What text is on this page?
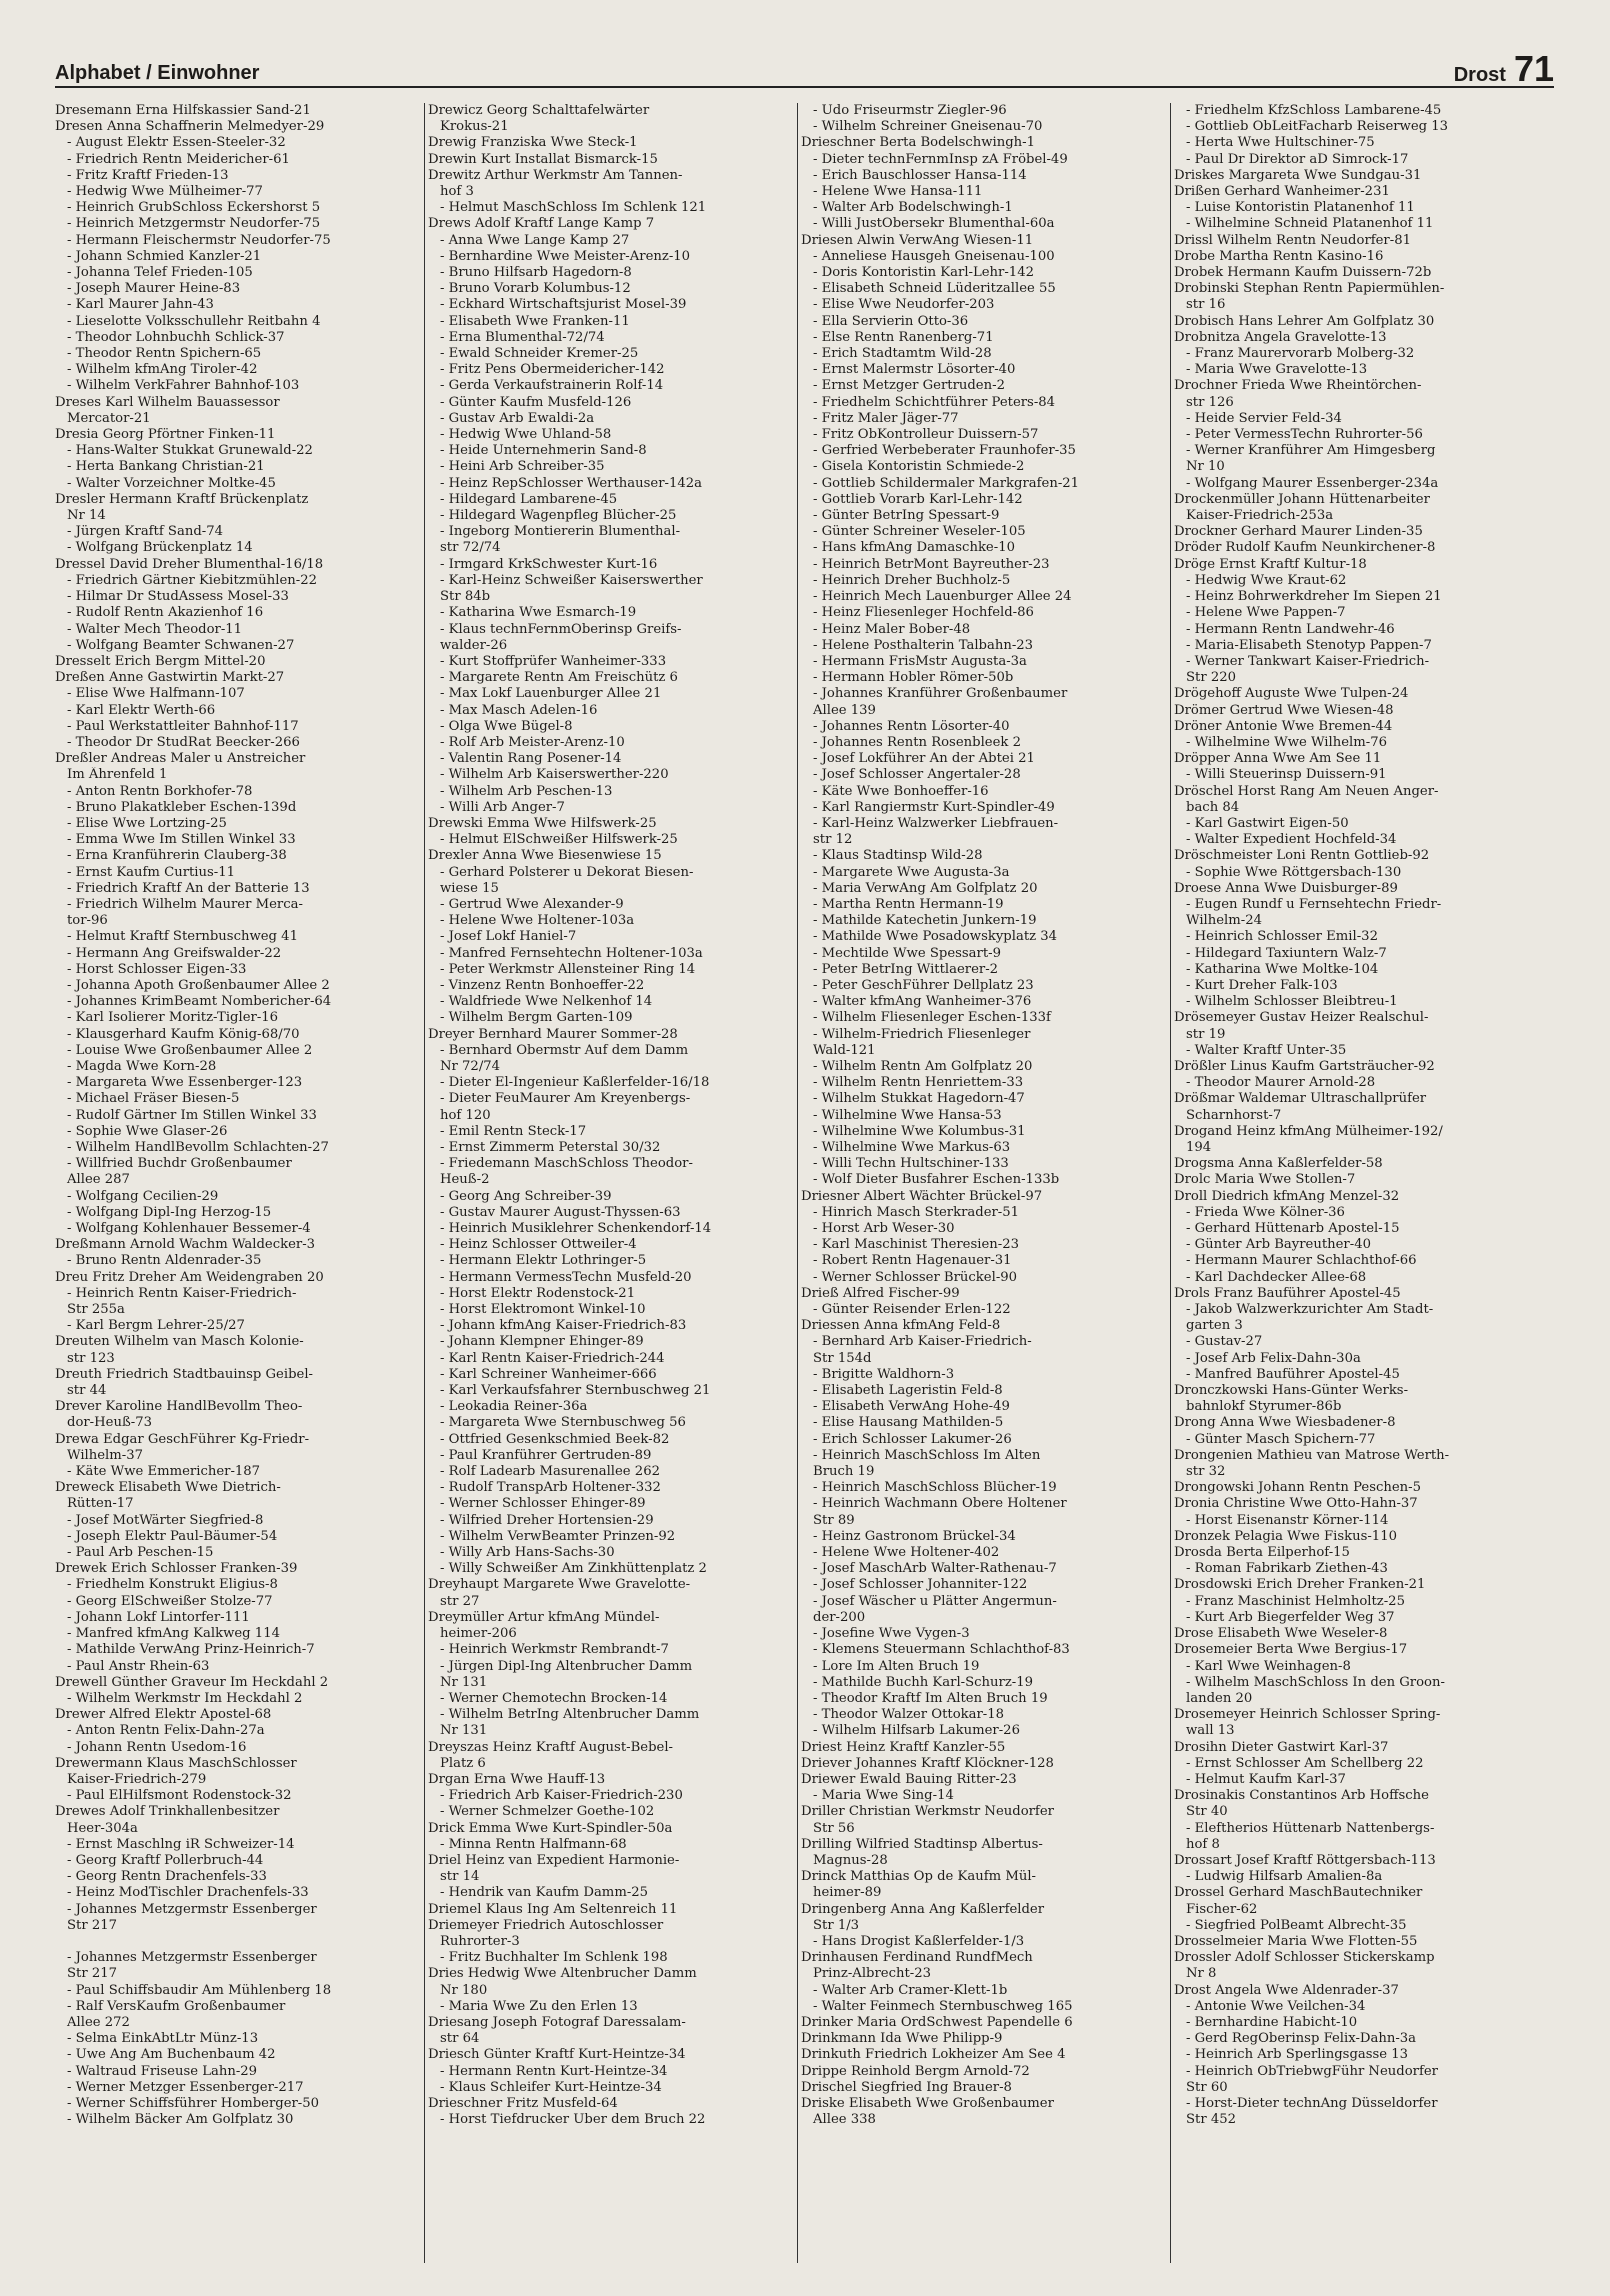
Alphabet / Einwohner	Drost 71

Dresemann Erna Hilfskassier Sand-21

Dresen Anna Schaffnerin Melmedyer-29

- August Elektr Essen-Steeler-32

- Friedrich Rentn Meidericher-61

- Fritz Kraftf Frieden-13

- Hedwig Wwe Mülheimer-77

- Heinrich GrubSchloss Eckershorst 5

- Heinrich Metzgermstr Neudorfer-75

- Hermann Fleischermstr Neudorfer-75

- Johann Schmied Kanzler-21

- Johanna Telef Frieden-105

- Joseph Maurer Heine-83

- Karl Maurer Jahn-43

- Lieselotte Volksschullehr Reitbahn 4

- Theodor Lohnbuchh Schlick-37

- Theodor Rentn Spichern-65

- Wilhelm kfmAng Tiroler-42

- Wilhelm VerkFahrer Bahnhof-103

Dreses Karl Wilhelm Bauassessor

Mercator-21

Dresia Georg Pförtner Finken-11

- Hans-Walter Stukkat Grunewald-22

- Herta Bankang Christian-21

- Walter Vorzeichner Moltke-45

Dresler Hermann Kraftf Brückenplatz

Nr 14

- Jürgen Kraftf Sand-74

- Wolfgang Brückenplatz 14

Dressel David Dreher Blumenthal-16/18

- Friedrich Gärtner Kiebitzmühlen-22

- Hilmar Dr StudAssess Mosel-33

- Rudolf Rentn Akazienhof 16

- Walter Mech Theodor-11

- Wolfgang Beamter Schwanen-27

Dresselt Erich Bergm Mittel-20

Dreßen Anne Gastwirtin Markt-27

- Elise Wwe Halfmann-107

- Karl Elektr Werth-66

- Paul Werkstattleiter Bahnhof-117

- Theodor Dr StudRat Beecker-266

Dreßler Andreas Maler u Anstreicher

Im Ährenfeld 1

- Anton Rentn Borkhofer-78

- Bruno Plakatkleber Eschen-139d

- Elise Wwe Lortzing-25

- Emma Wwe Im Stillen Winkel 33

- Erna Kranführerin Clauberg-38

- Ernst Kaufm Curtius-11

- Friedrich Kraftf An der Batterie 13

- Friedrich Wilhelm Maurer Merca-

tor-96

- Helmut Kraftf Sternbuschweg 41

- Hermann Ang Greifswalder-22

- Horst Schlosser Eigen-33

- Johanna Apoth Großenbaumer Allee 2

- Johannes KrimBeamt Nombericher-64

- Karl Isolierer Moritz-Tigler-16

- Klausgerhard Kaufm König-68/70

- Louise Wwe Großenbaumer Allee 2

- Magda Wwe Korn-28

- Margareta Wwe Essenberger-123

- Michael Fräser Biesen-5

- Rudolf Gärtner Im Stillen Winkel 33

- Sophie Wwe Glaser-26

- Wilhelm HandlBevollm Schlachten-27

- Willfried Buchdr Großenbaumer

Allee 287

- Wolfgang Cecilien-29

- Wolfgang Dipl-Ing Herzog-15

- Wolfgang Kohlenhauer Bessemer-4

Dreßmann Arnold Wachm Waldecker-3

- Bruno Rentn Aldenrader-35

Dreu Fritz Dreher Am Weidengraben 20

- Heinrich Rentn Kaiser-Friedrich-

Str 255a

- Karl Bergm Lehrer-25/27

Dreuten Wilhelm van Masch Kolonie-

str 123

Dreuth Friedrich Stadtbauinsp Geibel-

str 44

Drever Karoline HandlBevollm Theo-

dor-Heuß-73

Drewa Edgar GeschFührer Kg-Friedr-

Wilhelm-37

- Käte Wwe Emmericher-187

Dreweck Elisabeth Wwe Dietrich-

Rütten-17

- Josef MotWärter Siegfried-8

- Joseph Elektr Paul-Bäumer-54

- Paul Arb Peschen-15

Drewek Erich Schlosser Franken-39

- Friedhelm Konstrukt Eligius-8

- Georg ElSchweißer Stolze-77

- Johann Lokf Lintorfer-111

- Manfred kfmAng Kalkweg 114

- Mathilde VerwAng Prinz-Heinrich-7

- Paul Anstr Rhein-63

Drewell Günther Graveur Im Heckdahl 2

- Wilhelm Werkmstr Im Heckdahl 2

Drewer Alfred Elektr Apostel-68

- Anton Rentn Felix-Dahn-27a

- Johann Rentn Usedom-16

Drewermann Klaus MaschSchlosser

Kaiser-Friedrich-279

- Paul ElHilfsmont Rodenstock-32

Drewes Adolf Trinkhallenbesitzer

Heer-304a

- Ernst Maschlng iR Schweizer-14

- Georg Kraftf Pollerbruch-44

- Georg Rentn Drachenfels-33

- Heinz ModTischler Drachenfels-33

- Johannes Metzgermstr Essenberger

Str 217

- Johannes Metzgermstr Essenberger

Str 217

- Paul Schiffsbaudir Am Mühlenberg 18

- Ralf VersKaufm Großenbaumer

Allee 272

- Selma EinkAbtLtr Münz-13

- Uwe Ang Am Buchenbaum 42

- Waltraud Friseuse Lahn-29

- Werner Metzger Essenberger-217

- Werner Schiffsführer Homberger-50

- Wilhelm Bäcker Am Golfplatz 30

Drewicz Georg Schalttafelwärter

Krokus-21

Drewig Franziska Wwe Steck-1

Drewin Kurt Installat Bismarck-15

Drewitz Arthur Werkmstr Am Tannen-

hof 3

- Helmut MaschSchloss Im Schlenk 121

Drews Adolf Kraftf Lange Kamp 7

- Anna Wwe Lange Kamp 27

- Bernhardine Wwe Meister-Arenz-10

- Bruno Hilfsarb Hagedorn-8

- Bruno Vorarb Kolumbus-12

- Eckhard Wirtschaftsjurist Mosel-39

- Elisabeth Wwe Franken-11

- Erna Blumenthal-72/74

- Ewald Schneider Kremer-25

- Fritz Pens Obermeidericher-142

- Gerda Verkaufstrainerin Rolf-14

- Günter Kaufm Musfeld-126

- Gustav Arb Ewaldi-2a

- Hedwig Wwe Uhland-58

- Heide Unternehmerin Sand-8

- Heini Arb Schreiber-35

- Heinz RepSchlosser Werthauser-142a

- Hildegard Lambarene-45

- Hildegard Wagenpfleg Blücher-25

- Ingeborg Montiererin Blumenthal-

str 72/74

- Irmgard KrkSchwester Kurt-16

- Karl-Heinz Schweißer Kaiserswerther

Str 84b

- Katharina Wwe Esmarch-19

- Klaus technFernmOberinsp Greifs-

walder-26

- Kurt Stoffprüfer Wanheimer-333

- Margarete Rentn Am Freischütz 6

- Max Lokf Lauenburger Allee 21

- Max Masch Adelen-16

- Olga Wwe Bügel-8

- Rolf Arb Meister-Arenz-10

- Valentin Rang Posener-14

- Wilhelm Arb Kaiserswerther-220

- Wilhelm Arb Peschen-13

- Willi Arb Anger-7

Drewski Emma Wwe Hilfswerk-25

- Helmut ElSchweißer Hilfswerk-25

Drexler Anna Wwe Biesenwiese 15

- Gerhard Polsterer u Dekorat Biesen-

wiese 15

- Gertrud Wwe Alexander-9

- Helene Wwe Holtener-103a

- Josef Lokf Haniel-7

- Manfred Fernsehtechn Holtener-103a

- Peter Werkmstr Allensteiner Ring 14

- Vinzenz Rentn Bonhoeffer-22

- Waldfriede Wwe Nelkenhof 14

- Wilhelm Bergm Garten-109

Dreyer Bernhard Maurer Sommer-28

- Bernhard Obermstr Auf dem Damm

Nr 72/74

- Dieter El-Ingenieur Kaßlerfelder-16/18

- Dieter FeuMaurer Am Kreyenbergs-

hof 120

- Emil Rentn Steck-17

- Ernst Zimmerm Peterstal 30/32

- Friedemann MaschSchloss Theodor-

Heuß-2

- Georg Ang Schreiber-39

- Gustav Maurer August-Thyssen-63

- Heinrich Musiklehrer Schenkendorf-14

- Heinz Schlosser Ottweiler-4

- Hermann Elektr Lothringer-5

- Hermann VermessTechn Musfeld-20

- Horst Elektr Rodenstock-21

- Horst Elektromont Winkel-10

- Johann kfmAng Kaiser-Friedrich-83

- Johann Klempner Ehinger-89

- Karl Rentn Kaiser-Friedrich-244

- Karl Schreiner Wanheimer-666

- Karl Verkaufsfahrer Sternbuschweg 21

- Leokadia Reiner-36a

- Margareta Wwe Sternbuschweg 56

- Ottfried Gesenkschmied Beek-82

- Paul Kranführer Gertruden-89

- Rolf Ladearb Masurenallee 262

- Rudolf TranspArb Holtener-332

- Werner Schlosser Ehinger-89

- Wilfried Dreher Hortensien-29

- Wilhelm VerwBeamter Prinzen-92

- Willy Arb Hans-Sachs-30

- Willy Schweißer Am Zinkhüttenplatz 2

Dreyhaupt Margarete Wwe Gravelotte-

str 27

Dreymüller Artur kfmAng Mündel-

heimer-206

- Heinrich Werkmstr Rembrandt-7

- Jürgen Dipl-Ing Altenbrucher Damm

Nr 131

- Werner Chemotechn Brocken-14

- Wilhelm BetrIng Altenbrucher Damm

Nr 131

Dreyszas Heinz Kraftf August-Bebel-

Platz 6

Drgan Erna Wwe Hauff-13

- Friedrich Arb Kaiser-Friedrich-230

- Werner Schmelzer Goethe-102

Drick Emma Wwe Kurt-Spindler-50a

- Minna Rentn Halfmann-68

Driel Heinz van Expedient Harmonie-

str 14

- Hendrik van Kaufm Damm-25

Driemel Klaus Ing Am Seltenreich 11

Driemeyer Friedrich Autoschlosser

Ruhrorter-3

- Fritz Buchhalter Im Schlenk 198

Dries Hedwig Wwe Altenbrucher Damm

Nr 180

- Maria Wwe Zu den Erlen 13

Driesang Joseph Fotograf Daressalam-

str 64

Driesch Günter Kraftf Kurt-Heintze-34

- Hermann Rentn Kurt-Heintze-34

- Klaus Schleifer Kurt-Heintze-34

Drieschner Fritz Musfeld-64

- Horst Tiefdrucker Über dem Bruch 22

- Udo Friseurmstr Ziegler-96

- Wilhelm Schreiner Gneisenau-70

Drieschner Berta Bodelschwingh-1

- Dieter technFernmInsp zA Fröbel-49

- Erich Bauschlosser Hansa-114

- Helene Wwe Hansa-111

- Walter Arb Bodelschwingh-1

- Willi JustObersekr Blumenthal-60a

Driesen Alwin VerwAng Wiesen-11

- Anneliese Hausgeh Gneisenau-100

- Doris Kontoristin Karl-Lehr-142

- Elisabeth Schneid Lüderitzallee 55

- Elise Wwe Neudorfer-203

- Ella Servierin Otto-36

- Else Rentn Ranenberg-71

- Erich Stadtamtm Wild-28

- Ernst Malermstr Lösorter-40

- Ernst Metzger Gertruden-2

- Friedhelm Schichtführer Peters-84

- Fritz Maler Jäger-77

- Fritz ObKontrolleur Duissern-57

- Gerfried Werbeberater Fraunhofer-35

- Gisela Kontoristin Schmiede-2

- Gottlieb Schildermaler Markgrafen-21

- Gottlieb Vorarb Karl-Lehr-142

- Günter BetrIng Spessart-9

- Günter Schreiner Weseler-105

- Hans kfmAng Damaschke-10

- Heinrich BetrMont Bayreuther-23

- Heinrich Dreher Buchholz-5

- Heinrich Mech Lauenburger Allee 24

- Heinz Fliesenleger Hochfeld-86

- Heinz Maler Bober-48

- Helene Posthalterin Talbahn-23

- Hermann FrisMstr Augusta-3a

- Hermann Hobler Römer-50b

- Johannes Kranführer Großenbaumer

Allee 139

- Johannes Rentn Lösorter-40

- Johannes Rentn Rosenbleek 2

- Josef Lokführer An der Abtei 21

- Josef Schlosser Angertaler-28

- Käte Wwe Bonhoeffer-16

- Karl Rangiermstr Kurt-Spindler-49

- Karl-Heinz Walzwerker Liebfrauen-

str 12

- Klaus Stadtinsp Wild-28

- Margarete Wwe Augusta-3a

- Maria VerwAng Am Golfplatz 20

- Martha Rentn Hermann-19

- Mathilde Katechetin Junkern-19

- Mathilde Wwe Posadowskyplatz 34

- Mechtilde Wwe Spessart-9

- Peter BetrIng Wittlaerer-2

- Peter GeschFührer Dellplatz 23

- Walter kfmAng Wanheimer-376

- Wilhelm Fliesenleger Eschen-133f

- Wilhelm-Friedrich Fliesenleger

Wald-121

- Wilhelm Rentn Am Golfplatz 20

- Wilhelm Rentn Henriettem-33

- Wilhelm Stukkat Hagedorn-47

- Wilhelmine Wwe Hansa-53

- Wilhelmine Wwe Kolumbus-31

- Wilhelmine Wwe Markus-63

- Willi Techn Hultschiner-133

- Wolf Dieter Busfahrer Eschen-133b

Driesner Albert Wächter Brückel-97

- Hinrich Masch Sterkrader-51

- Horst Arb Weser-30

- Karl Maschinist Theresien-23

- Robert Rentn Hagenauer-31

- Werner Schlosser Brückel-90

Drieß Alfred Fischer-99

- Günter Reisender Erlen-122

Driessen Anna kfmAng Feld-8

- Bernhard Arb Kaiser-Friedrich-

Str 154d

- Brigitte Waldhorn-3

- Elisabeth Lageristin Feld-8

- Elisabeth VerwAng Hohe-49

- Elise Hausang Mathilden-5

- Erich Schlosser Lakumer-26

- Heinrich MaschSchloss Im Alten

Bruch 19

- Heinrich MaschSchloss Blücher-19

- Heinrich Wachmann Obere Holtener

Str 89

- Heinz Gastronom Brückel-34

- Helene Wwe Holtener-402

- Josef MaschArb Walter-Rathenau-7

- Josef Schlosser Johanniter-122

- Josef Wäscher u Plätter Angermun-

der-200

- Josefine Wwe Vygen-3

- Klemens Steuermann Schlachthof-83

- Lore Im Alten Bruch 19

- Mathilde Buchh Karl-Schurz-19

- Theodor Kraftf Im Alten Bruch 19

- Theodor Walzer Ottokar-18

- Wilhelm Hilfsarb Lakumer-26

Driest Heinz Kraftf Kanzler-55

Driever Johannes Kraftf Klöckner-128

Driewer Ewald Bauing Ritter-23

- Maria Wwe Sing-14

Driller Christian Werkmstr Neudorfer

Str 56

Drilling Wilfried Stadtinsp Albertus-

Magnus-28

Drinck Matthias Op de Kaufm Mül-

heimer-89

Dringenberg Anna Ang Kaßlerfelder

Str 1/3

- Hans Drogist Kaßlerfelder-1/3

Drinhausen Ferdinand RundfMech

Prinz-Albrecht-23

- Walter Arb Cramer-Klett-1b

- Walter Feinmech Sternbuschweg 165

Drinker Maria OrdSchwest Papendelle 6

Drinkmann Ida Wwe Philipp-9

Drinkuth Friedrich Lokheizer Am See 4

Drippe Reinhold Bergm Arnold-72

Drischel Siegfried Ing Brauer-8

Driske Elisabeth Wwe Großenbaumer

Allee 338

- Friedhelm KfzSchloss Lambarene-45

- Gottlieb ObLeitFacharb Reiserweg 13

- Herta Wwe Hultschiner-75

- Paul Dr Direktor aD Simrock-17

Driskes Margareta Wwe Sundgau-31

Drißen Gerhard Wanheimer-231

- Luise Kontoristin Platanenhof 11

- Wilhelmine Schneid Platanenhof 11

Drissl Wilhelm Rentn Neudorfer-81

Drobe Martha Rentn Kasino-16

Drobek Hermann Kaufm Duissern-72b

Drobinski Stephan Rentn Papiermühlen-

str 16

Drobisch Hans Lehrer Am Golfplatz 30

Drobnitza Angela Gravelotte-13

- Franz Maurervorarb Molberg-32

- Maria Wwe Gravelotte-13

Drochner Frieda Wwe Rheintörchen-

str 126

- Heide Servier Feld-34

- Peter VermessTechn Ruhrorter-56

- Werner Kranführer Am Himgesberg

Nr 10

- Wolfgang Maurer Essenberger-234a

Drockenmüller Johann Hüttenarbeiter

Kaiser-Friedrich-253a

Drockner Gerhard Maurer Linden-35

Dröder Rudolf Kaufm Neunkirchener-8

Dröge Ernst Kraftf Kultur-18

- Hedwig Wwe Kraut-62

- Heinz Bohrwerkdreher Im Siepen 21

- Helene Wwe Pappen-7

- Hermann Rentn Landwehr-46

- Maria-Elisabeth Stenotyp Pappen-7

- Werner Tankwart Kaiser-Friedrich-

Str 220

Drögehoff Auguste Wwe Tulpen-24

Drömer Gertrud Wwe Wiesen-48

Dröner Antonie Wwe Bremen-44

- Wilhelmine Wwe Wilhelm-76

Dröpper Anna Wwe Am See 11

- Willi Steuerinsp Duissern-91

Dröschel Horst Rang Am Neuen Anger-

bach 84

- Karl Gastwirt Eigen-50

- Walter Expedient Hochfeld-34

Dröschmeister Loni Rentn Gottlieb-92

- Sophie Wwe Röttgersbach-130

Droese Anna Wwe Duisburger-89

- Eugen Rundf u Fernsehtechn Friedr-

Wilhelm-24

- Heinrich Schlosser Emil-32

- Hildegard Taxiuntern Walz-7

- Katharina Wwe Moltke-104

- Kurt Dreher Falk-103

- Wilhelm Schlosser Bleibtreu-1

Drösemeyer Gustav Heizer Realschul-

str 19

- Walter Kraftf Unter-35

Drößler Linus Kaufm Gartsträucher-92

- Theodor Maurer Arnold-28

Drößmar Waldemar Ultraschallprüfer

Scharnhorst-7

Drogand Heinz kfmAng Mülheimer-192/

194

Drogsma Anna Kaßlerfelder-58

Drolc Maria Wwe Stollen-7

Droll Diedrich kfmAng Menzel-32

- Frieda Wwe Kölner-36

- Gerhard Hüttenarb Apostel-15

- Günter Arb Bayreuther-40

- Hermann Maurer Schlachthof-66

- Karl Dachdecker Allee-68

Drols Franz Bauführer Apostel-45

- Jakob Walzwerkzurichter Am Stadt-

garten 3

- Gustav-27

- Josef Arb Felix-Dahn-30a

- Manfred Bauführer Apostel-45

Dronczkowski Hans-Günter Werks-

bahnlokf Styrumer-86b

Drong Anna Wwe Wiesbadener-8

- Günter Masch Spichern-77

Drongenien Mathieu van Matrose Werth-

str 32

Drongowski Johann Rentn Peschen-5

Dronia Christine Wwe Otto-Hahn-37

- Horst Eisenanstr Körner-114

Dronzek Pelagia Wwe Fiskus-110

Drosda Berta Eilperhof-15

- Roman Fabrikarb Ziethen-43

Drosdowski Erich Dreher Franken-21

- Franz Maschinist Helmholtz-25

- Kurt Arb Biegerfelder Weg 37

Drose Elisabeth Wwe Weseler-8

Drosemeier Berta Wwe Bergius-17

- Karl Wwe Weinhagen-8

- Wilhelm MaschSchloss In den Groon-

landen 20

Drosemeyer Heinrich Schlosser Spring-

wall 13

Drosihn Dieter Gastwirt Karl-37

- Ernst Schlosser Am Schellberg 22

- Helmut Kaufm Karl-37

Drosinakis Constantinos Arb Hoffsche

Str 40

- Eleftherios Hüttenarb Nattenbergs-

hof 8

Drossart Josef Kraftf Röttgersbach-113

- Ludwig Hilfsarb Amalien-8a

Drossel Gerhard MaschBautechniker

Fischer-62

- Siegfried PolBeamt Albrecht-35

Drosselmeier Maria Wwe Flotten-55

Drossler Adolf Schlosser Stickerskamp

Nr 8

Drost Angela Wwe Aldenrader-37

- Antonie Wwe Veilchen-34

- Bernhardine Habicht-10

- Gerd RegOberinsp Felix-Dahn-3a

- Heinrich Arb Sperlingsgasse 13

- Heinrich ObTriebwgFühr Neudorfer

Str 60

- Horst-Dieter technAng Düsseldorfer

Str 452
